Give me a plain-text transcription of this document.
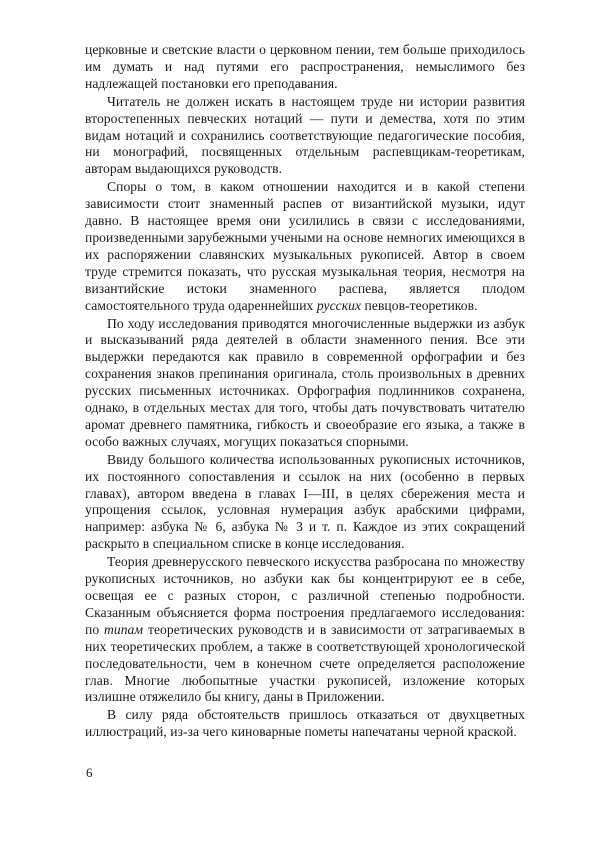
церковные и светские власти о церковном пении, тем больше приходилось им думать и над путями его распространения, немыслимого без надлежащей постановки его преподавания.

Читатель не должен искать в настоящем труде ни истории развития второстепенных певческих нотаций — пути и демества, хотя по этим видам нотаций и сохранились соответствующие педагогические пособия, ни монографий, посвященных отдельным распевщикам-теоретикам, авторам выдающихся руководств.

Споры о том, в каком отношении находится и в какой степени зависимости стоит знаменный распев от византийской музыки, идут давно. В настоящее время они усилились в связи с исследованиями, произведенными зарубежными учеными на основе немногих имеющихся в их распоряжении славянских музыкальных рукописей. Автор в своем труде стремится показать, что русская музыкальная теория, несмотря на византийские истоки знаменного распева, является плодом самостоятельного труда одареннейших русских певцов-теоретиков.

По ходу исследования приводятся многочисленные выдержки из азбук и высказываний ряда деятелей в области знаменного пения. Все эти выдержки передаются как правило в современной орфографии и без сохранения знаков препинания оригинала, столь произвольных в древних русских письменных источниках. Орфография подлинников сохранена, однако, в отдельных местах для того, чтобы дать почувствовать читателю аромат древнего памятника, гибкость и своеобразие его языка, а также в особо важных случаях, могущих показаться спорными.

Ввиду большого количества использованных рукописных источников, их постоянного сопоставления и ссылок на них (особенно в первых главах), автором введена в главах I—III, в целях сбережения места и упрощения ссылок, условная нумерация азбук арабскими цифрами, например: азбука № 6, азбука № 3 и т. п. Каждое из этих сокращений раскрыто в специальном списке в конце исследования.

Теория древнерусского певческого искусства разбросана по множеству рукописных источников, но азбуки как бы концентрируют ее в себе, освещая ее с разных сторон, с различной степенью подробности. Сказанным объясняется форма построения предлагаемого исследования: по типам теоретических руководств и в зависимости от затрагиваемых в них теоретических проблем, а также в соответствующей хронологической последовательности, чем в конечном счете определяется расположение глав. Многие любопытные участки рукописей, изложение которых излишне отяжелило бы книгу, даны в Приложении.

В силу ряда обстоятельств пришлось отказаться от двухцветных иллюстраций, из-за чего киноварные пометы напечатаны черной краской.

6
